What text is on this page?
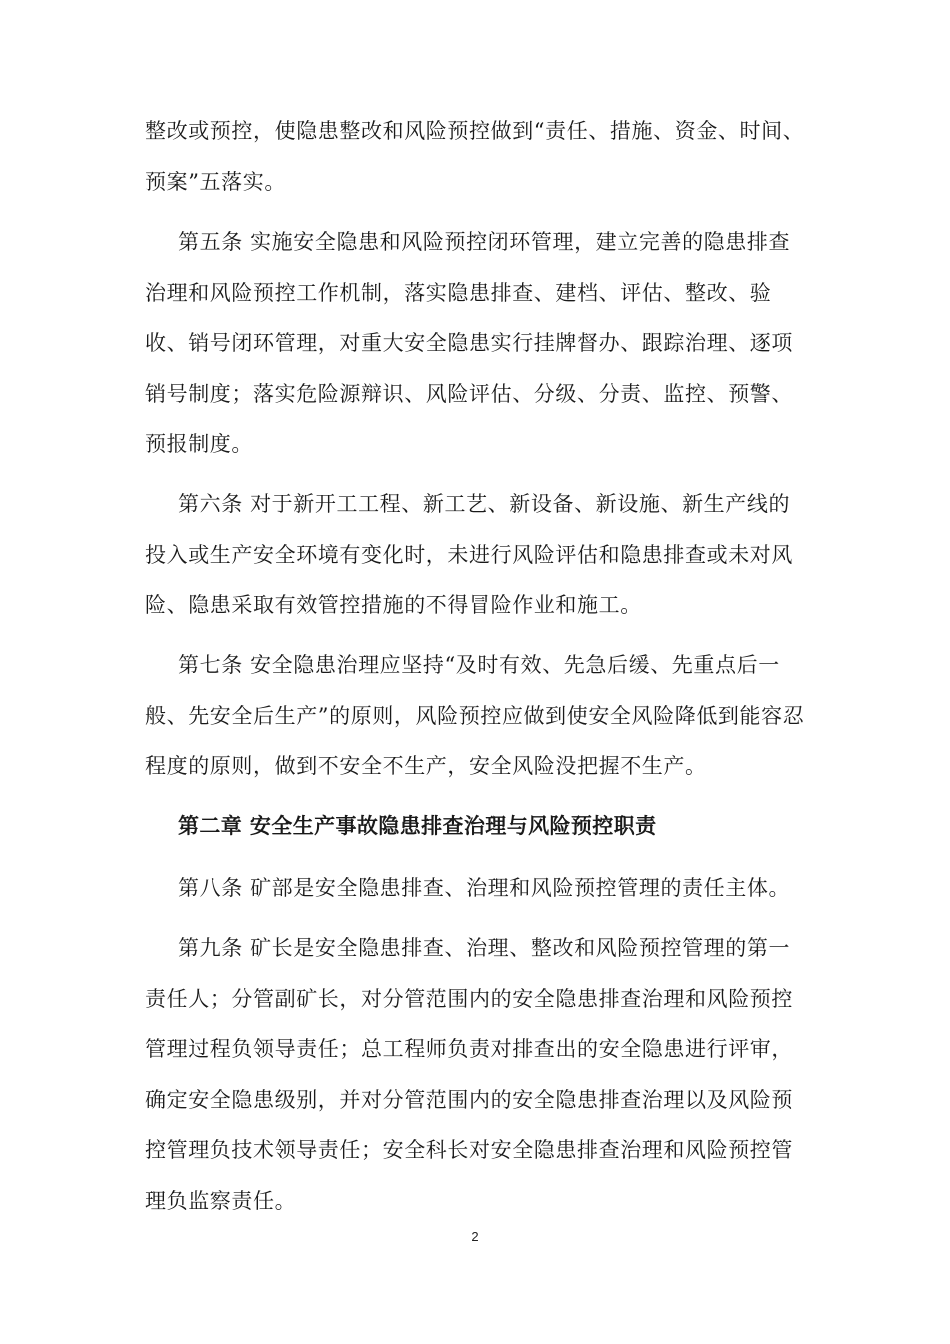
整改或预控，使隐患整改和风险预控做到“责任、措施、资金、时间、预案”五落实。

第五条 实施安全隐患和风险预控闭环管理，建立完善的隐患排查治理和风险预控工作机制，落实隐患排查、建档、评估、整改、验收、销号闭环管理，对重大安全隐患实行挂牌督办、跟踪治理、逐项销号制度；落实危险源辩识、风险评估、分级、分责、监控、预警、预报制度。

第六条 对于新开工工程、新工艺、新设备、新设施、新生产线的投入或生产安全环境有变化时，未进行风险评估和隐患排查或未对风险、隐患采取有效管控措施的不得冒险作业和施工。

第七条 安全隐患治理应坚持“及时有效、先急后缓、先重点后一般、先安全后生产”的原则，风险预控应做到使安全风险降低到能容忍程度的原则，做到不安全不生产，安全风险没把握不生产。

第二章 安全生产事故隐患排查治理与风险预控职责

第八条 矿部是安全隐患排查、治理和风险预控管理的责任主体。

第九条 矿长是安全隐患排查、治理、整改和风险预控管理的第一责任人；分管副矿长，对分管范围内的安全隐患排查治理和风险预控管理过程负领导责任；总工程师负责对排查出的安全隐患进行评审，确定安全隐患级别，并对分管范围内的安全隐患排查治理以及风险预控管理负技术领导责任；安全科长对安全隐患排查治理和风险预控管理负监察责任。

2
